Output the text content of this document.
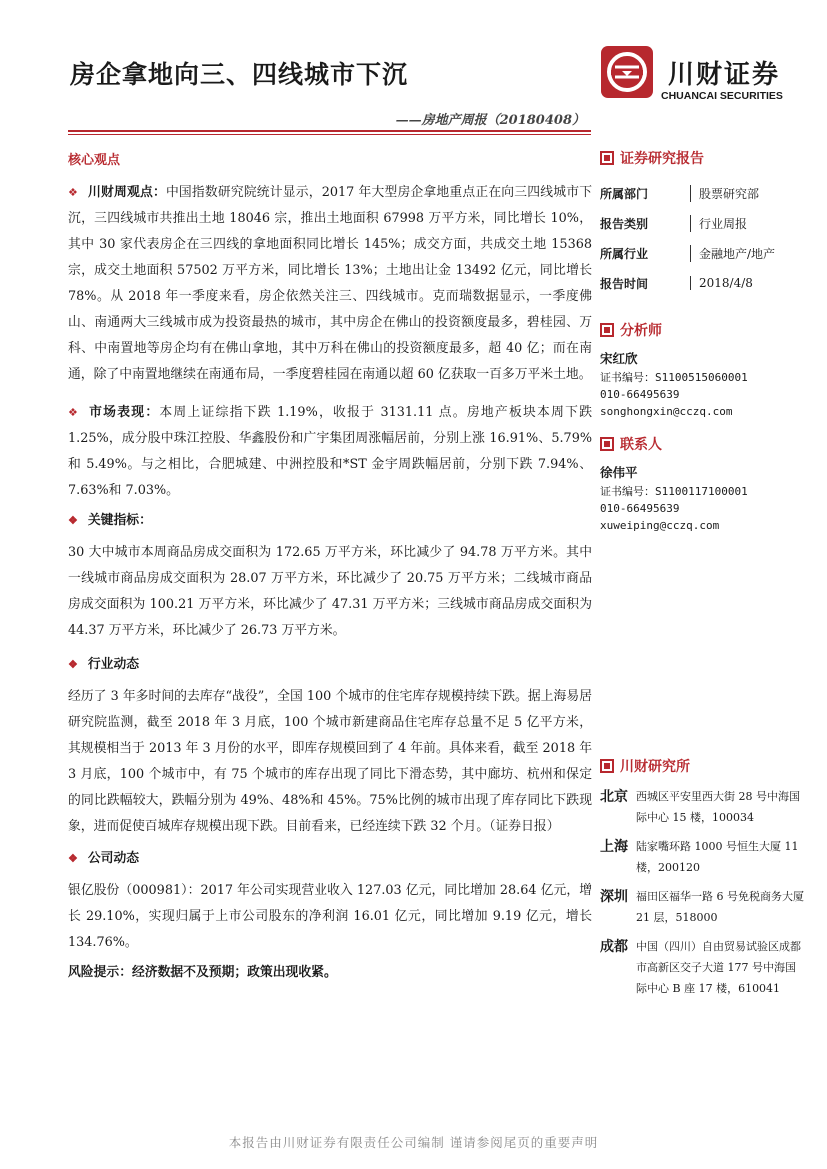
房企拿地向三、四线城市下沉
——房地产周报（20180408）
川财证券
CHUANCAI SECURITIES
核心观点
❖ 川财周观点：中国指数研究院统计显示，2017 年大型房企拿地重点正在向三四线城市下沉，三四线城市共推出土地 18046 宗，推出土地面积 67998 万平方米，同比增长 10%，其中 30 家代表房企在三四线的拿地面积同比增长 145%；成交方面，共成交土地 15368 宗，成交土地面积 57502 万平方米，同比增长 13%；土地出让金 13492 亿元，同比增长 78%。从 2018 年一季度来看，房企依然关注三、四线城市。克而瑞数据显示，一季度佛山、南通两大三线城市成为投资最热的城市，其中房企在佛山的投资额度最多，碧桂园、万科、中南置地等房企均有在佛山拿地，其中万科在佛山的投资额度最多，超 40 亿；而在南通，除了中南置地继续在南通布局，一季度碧桂园在南通以超 60 亿获取一百多万平米土地。
❖ 市场表现：本周上证综指下跌 1.19%，收报于 3131.11 点。房地产板块本周下跌 1.25%，成分股中珠江控股、华鑫股份和广宇集团周涨幅居前，分别上涨 16.91%、5.79%和 5.49%。与之相比，合肥城建、中洲控股和*ST 金宇周跌幅居前，分别下跌 7.94%、7.63%和 7.03%。
❖ 关键指标：
30 大中城市本周商品房成交面积为 172.65 万平方米，环比减少了 94.78 万平方米。其中一线城市商品房成交面积为 28.07 万平方米，环比减少了 20.75 万平方米；二线城市商品房成交面积为 100.21 万平方米，环比减少了 47.31 万平方米；三线城市商品房成交面积为 44.37 万平方米，环比减少了 26.73 万平方米。
❖ 行业动态
经历了 3 年多时间的去库存“战役”，全国 100 个城市的住宅库存规模持续下跌。据上海易居研究院监测，截至 2018 年 3 月底，100 个城市新建商品住宅库存总量不足 5 亿平方米，其规模相当于 2013 年 3 月份的水平，即库存规模回到了 4 年前。具体来看，截至 2018 年 3 月底，100 个城市中，有 75 个城市的库存出现了同比下滑态势，其中廊坊、杭州和保定的同比跌幅较大，跌幅分别为 49%、48%和 45%。75%比例的城市出现了库存同比下跌现象，进而促使百城库存规模出现下跌。目前看来，已经连续下跌 32 个月。（证券日报）
❖ 公司动态
银亿股份（000981）：2017 年公司实现营业收入 127.03 亿元，同比增加 28.64 亿元，增长 29.10%，实现归属于上市公司股东的净利润 16.01 亿元，同比增加 9.19 亿元，增长 134.76%。
风险提示：经济数据不及预期；政策出现收紧。
证券研究报告
所属部门	股票研究部
报告类别	行业周报
所属行业	金融地产/地产
报告时间	2018/4/8
分析师
宋红欣
证书编号：S1100515060001
010-66495639
songhongxin@cczq.com
联系人
徐伟平
证书编号：S1100117100001
010-66495639
xuweiping@cczq.com
川财研究所
北京 西城区平安里西大街 28 号中海国际中心 15 楼，100034
上海 陆家嘴环路 1000 号恒生大厦 11 楼，200120
深圳 福田区福华一路 6 号免税商务大厦 21 层，518000
成都 中国（四川）自由贸易试验区成都市高新区交子大道 177 号中海国际中心 B 座 17 楼，610041
本报告由川财证券有限责任公司编制 谨请参阅尾页的重要声明
